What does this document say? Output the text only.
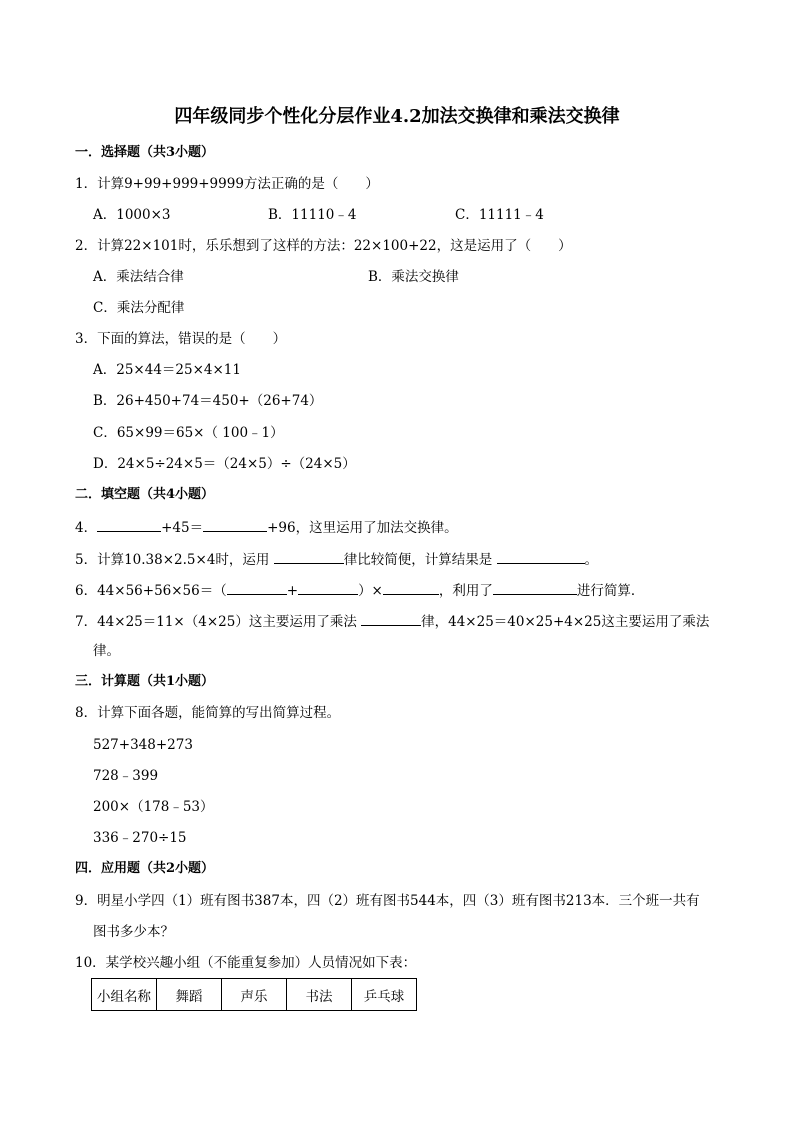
四年级同步个性化分层作业4.2加法交换律和乘法交换律
一．选择题（共3小题）
1．计算9+99+999+9999方法正确的是（　　）
A．1000×3	B．11110﹣4	C．11111﹣4
2．计算22×101时，乐乐想到了这样的方法：22×100+22，这是运用了（　　）
A．乘法结合律	B．乘法交换律
C．乘法分配律
3．下面的算法，错误的是（　　）
A．25×44＝25×4×11
B．26+450+74＝450+（26+74）
C．65×99＝65×（ 100﹣1）
D．24×5÷24×5＝（24×5）÷（24×5）
二．填空题（共4小题）
4．	+45＝	+96，这里运用了加法交换律。
5．计算10.38×2.5×4时，运用	律比较简便，计算结果是	。
6．44×56+56×56＝（	+	）×	，利用了	进行简算．
7．44×25＝11×（4×25）这主要运用了乘法	律，44×25＝40×25+4×25这主要运用了乘法
律。
三．计算题（共1小题）
8．计算下面各题，能简算的写出简算过程。
527+348+273
728﹣399
200×（178﹣53）
336﹣270÷15
四．应用题（共2小题）
9．明星小学四（1）班有图书387本，四（2）班有图书544本，四（3）班有图书213本．三个班一共有
图书多少本？
10．某学校兴趣小组（不能重复参加）人员情况如下表：
小组名称	舞蹈	声乐	书法	乒乓球
